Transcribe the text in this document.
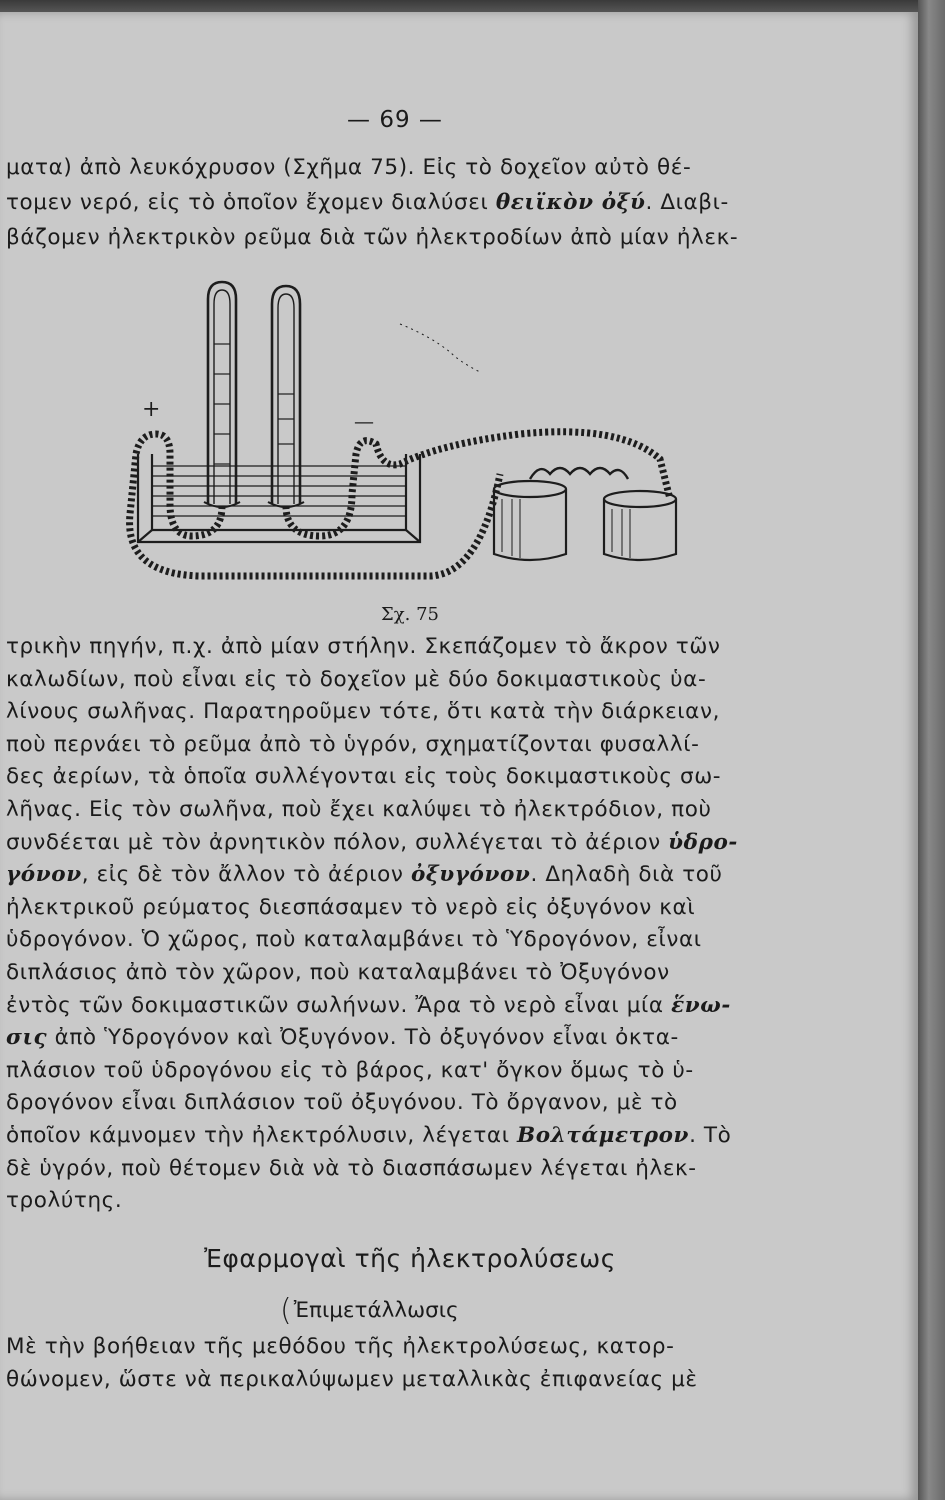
— 69 —
ματα) ἀπὸ λευκόχρυσον (Σχῆμα 75). Εἰς τὸ δοχεῖον αὐτὸ θέ-
τομεν νερό, εἰς τὸ ὁποῖον ἔχομεν διαλύσει θειϊκὸν ὀξύ. Διαβι-
βάζομεν ἠλεκτρικὸν ρεῦμα διὰ τῶν ἠλεκτροδίων ἀπὸ μίαν ἠλεκ-
+	—
Σχ. 75
τρικὴν πηγήν, π.χ. ἀπὸ μίαν στήλην. Σκεπάζομεν τὸ ἄκρον τῶν
καλωδίων, ποὺ εἶναι εἰς τὸ δοχεῖον μὲ δύο δοκιμαστικοὺς ὑα-
λίνους σωλῆνας. Παρατηροῦμεν τότε, ὅτι κατὰ τὴν διάρκειαν,
ποὺ περνάει τὸ ρεῦμα ἀπὸ τὸ ὑγρόν, σχηματίζονται φυσαλλί-
δες ἀερίων, τὰ ὁποῖα συλλέγονται εἰς τοὺς δοκιμαστικοὺς σω-
λῆνας. Εἰς τὸν σωλῆνα, ποὺ ἔχει καλύψει τὸ ἠλεκτρόδιον, ποὺ
συνδέεται μὲ τὸν ἀρνητικὸν πόλον, συλλέγεται τὸ ἀέριον ὑδρο-
γόνον, εἰς δὲ τὸν ἄλλον τὸ ἀέριον ὀξυγόνον. Δηλαδὴ διὰ τοῦ
ἠλεκτρικοῦ ρεύματος διεσπάσαμεν τὸ νερὸ εἰς ὀξυγόνον καὶ
ὑδρογόνον. Ὁ χῶρος, ποὺ καταλαμβάνει τὸ Ὑδρογόνον, εἶναι
διπλάσιος ἀπὸ τὸν χῶρον, ποὺ καταλαμβάνει τὸ Ὀξυγόνον
ἐντὸς τῶν δοκιμαστικῶν σωλήνων. Ἄρα τὸ νερὸ εἶναι μία ἕνω-
σις ἀπὸ Ὑδρογόνον καὶ Ὀξυγόνον. Τὸ ὀξυγόνον εἶναι ὀκτα-
πλάσιον τοῦ ὑδρογόνου εἰς τὸ βάρος, κατ' ὄγκον ὅμως τὸ ὑ-
δρογόνον εἶναι διπλάσιον τοῦ ὀξυγόνου. Τὸ ὄργανον, μὲ τὸ
ὁποῖον κάμνομεν τὴν ἠλεκτρόλυσιν, λέγεται Βολτάμετρον. Τὸ
δὲ ὑγρόν, ποὺ θέτομεν διὰ νὰ τὸ διασπάσωμεν λέγεται ἠλεκ-
τρολύτης.
Ἐφαρμογαὶ τῆς ἠλεκτρολύσεως
(Ἐπιμετάλλωσις
Μὲ τὴν βοήθειαν τῆς μεθόδου τῆς ἠλεκτρολύσεως, κατορ-
θώνομεν, ὥστε νὰ περικαλύψωμεν μεταλλικὰς ἐπιφανείας μὲ
